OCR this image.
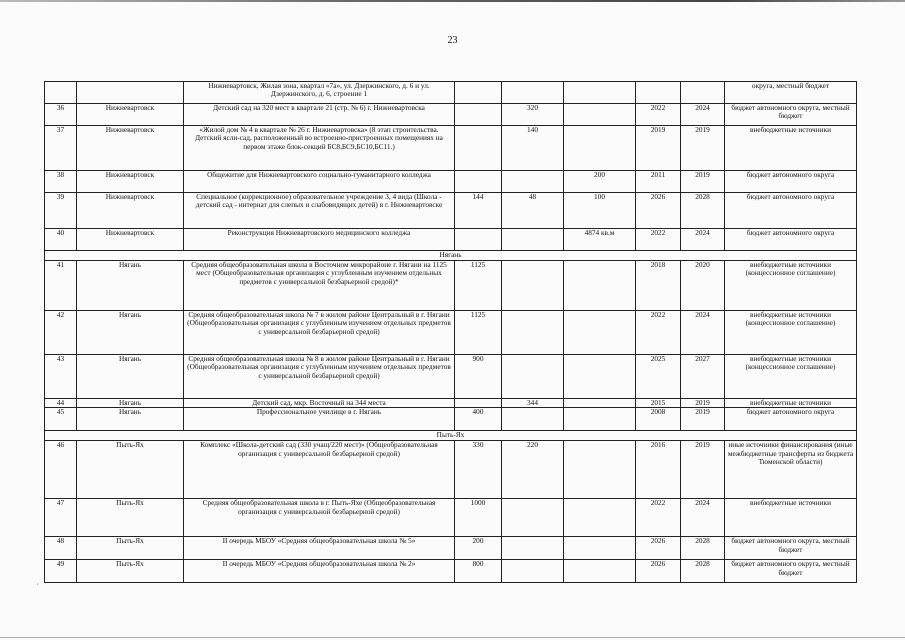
23
		Нижневартовск, Жилая зона, квартал «7а», ул. Дзержинского, д. 6 и ул. Дзержинского, д. 6, строение 1						округа, местный бюджет
36	Нижневартовск	Детский сад на 320 мест в квартале 21 (стр. № 6) г. Нижневартовска		320		2022	2024	бюджет автономного округа, местный бюджет
37	Нижневартовск	«Жилой дом № 4 в квартале № 26 г. Нижневартовска» (8 этап строительства. Детский ясли-сад, расположенный во встроенно-пристроенных помещениях на первом этаже блок-секций БС8,БС9,БС10,БС11.)		140		2019	2019	внебюджетные источники
38	Нижневартовск	Общежитие для Нижневартовского социально-гуманитарного колледжа			200	2011	2019	бюджет автономного округа
39	Нижневартовск	Специальное (коррекционное) образовательное учреждение 3, 4 вида (Школа - детский сад - интернат для слепых и слабовидящих детей) в г. Нижневартовске	144	48	100	2026	2028	бюджет автономного округа
40	Нижневартовск	Реконструкция Нижневартовского медицинского колледжа			4874 кв.м	2022	2024	бюджет автономного округа
Нягань								
41	Нягань	Средняя общеобразовательная школа в Восточном микрорайоне г. Нягани на 1125 мест (Общеобразовательная организация с углубленным изучением отдельных предметов с универсальной безбарьерной средой)*	1125			2018	2020	внебюджетные источники (концессионное соглашение)
42	Нягань	Средняя общеобразовательная школа № 7 в жилом районе Центральный в г. Нягани (Общеобразовательная организация с углубленным изучением отдельных предметов с универсальной безбарьерной средой)	1125			2022	2024	внебюджетные источники (концессионное соглашение)
43	Нягань	Средняя общеобразовательная школа № 8 в жилом районе Центральный в г. Нягани (Общеобразовательная организация с углубленным изучением отдельных предметов с универсальной безбарьерной средой)	900			2025	2027	внебюджетные источники (концессионное соглашение)
44	Нягань	Детский сад, мкр. Восточный на 344 места		344		2015	2019	внебюджетные источники
45	Нягань	Профессиональное училище в г. Нягань	400			2008	2019	бюджет автономного округа
Пыть-Ях								
46	Пыть-Ях	Комплекс «Школа-детский сад (330 учащ/220 мест)» (Общеобразовательная организация с универсальной безбарьерной средой)	330	220		2016	2019	иные источники финансирования (иные межбюджетные трансферты из бюджета Тюменской области)
47	Пыть-Ях	Средняя общеобразовательная школа в г. Пыть-Яхе (Общеобразовательная организация с универсальной безбарьерной средой)	1000			2022	2024	внебюджетные источники
48	Пыть-Ях	II очередь МБОУ «Средняя общеобразовательная школа № 5»	200			2026	2028	бюджет автономного округа, местный бюджет
49	Пыть-Ях	II очередь МБОУ «Средняя общеобразовательная школа № 2»	800			2026	2028	бюджет автономного округа, местный бюджет
,
